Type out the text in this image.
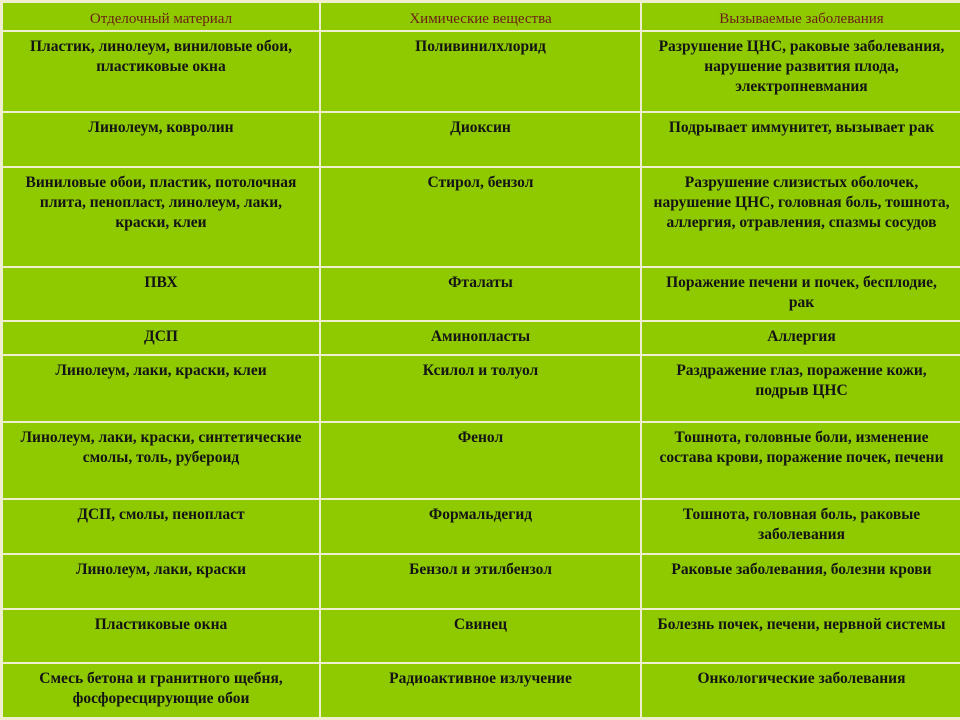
Отделочный материал	Химические вещества	Вызываемые заболевания
Пластик, линолеум, виниловые обои, пластиковые окна	Поливинилхлорид	Разрушение ЦНС, раковые заболевания, нарушение развития плода, электропневмания
Линолеум, ковролин	Диоксин	Подрывает иммунитет, вызывает рак
Виниловые обои, пластик, потолочная плита, пенопласт, линолеум, лаки, краски, клеи	Стирол, бензол	Разрушение слизистых оболочек, нарушение ЦНС, головная боль, тошнота, аллергия, отравления, спазмы сосудов
ПВХ	Фталаты	Поражение печени и почек, бесплодие, рак
ДСП	Аминопласты	Аллергия
Линолеум, лаки, краски, клеи	Ксилол и толуол	Раздражение глаз, поражение кожи, подрыв ЦНС
Линолеум, лаки, краски, синтетические смолы, толь, рубероид	Фенол	Тошнота, головные боли, изменение состава крови, поражение почек, печени
ДСП, смолы, пенопласт	Формальдегид	Тошнота, головная боль, раковые заболевания
Линолеум, лаки, краски	Бензол и этилбензол	Раковые заболевания, болезни крови
Пластиковые окна	Свинец	Болезнь почек, печени, нервной системы
Смесь бетона и гранитного щебня, фосфоресцирующие обои	Радиоактивное излучение	Онкологические заболевания
